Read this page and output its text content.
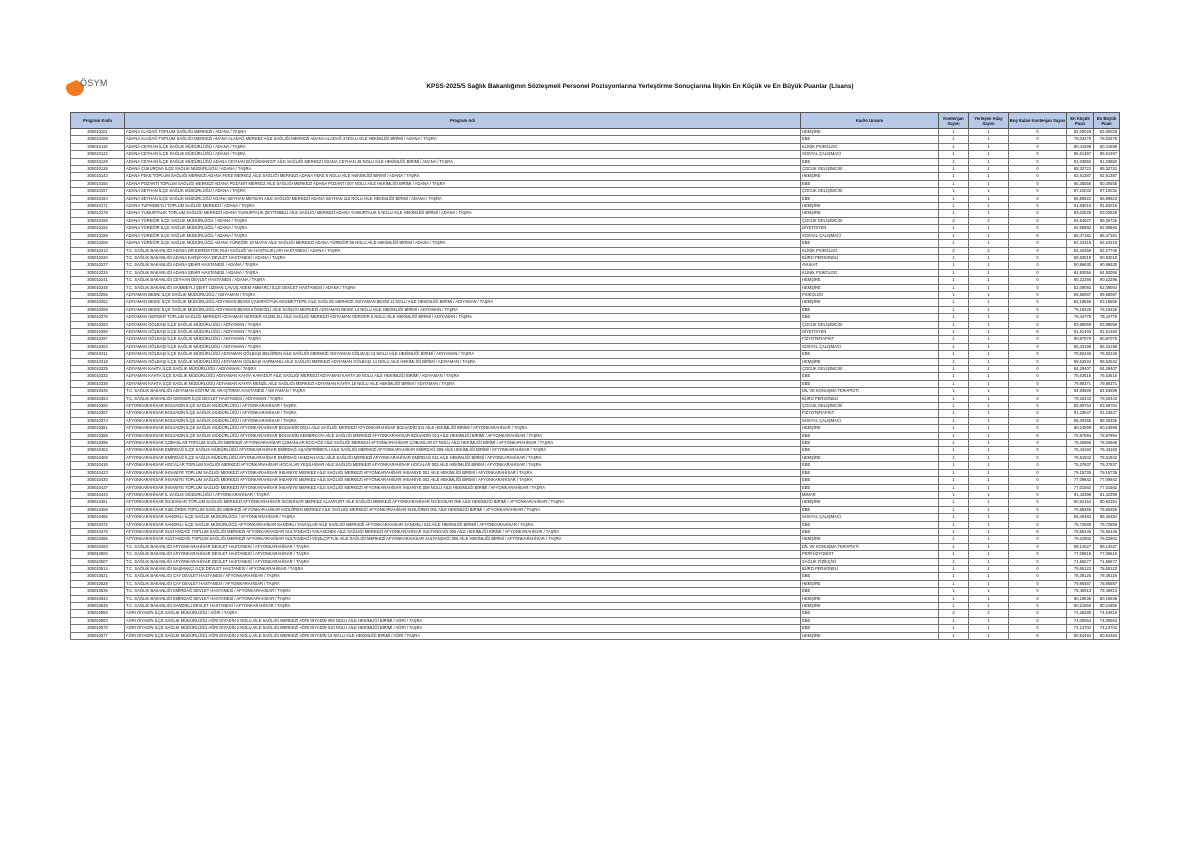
ÖSYM	KPSS-2025/5 Sağlık Bakanlığının Sözleşmeli Personel Pozisyonlarına Yerleştirme Sonuçlarına İlişkin En Küçük ve En Büyük Puanlar (Lisans)
Program Kodu	Program Adı	Kadro Unvanı	Kontenjan Sayısı	Yerleşen Aday Sayısı	Boş Kalan Kontenjan Sayısı	En Küçük Puan	En Büyük Puan
305010101	ADANA ALADAĞ TOPLUM SAĞLIĞI MERKEZİ / ADANA / TAŞRA	HEMŞİRE	1	1	0	82,00028	82,00028
305010108	ADANA ALADAĞ TOPLUM SAĞLIĞI MERKEZİ ADANA ALADAĞ MERKEZ AİLE SAĞLIĞI MERKEZİ ADANA ALADAĞ 3 NOLU AİLE HEKİMLİĞİ BİRİMİ / ADANA / TAŞRA	EBE	1	1	0	78,03278	78,03278
305010115	ADANA CEYHAN İLÇE SAĞLIK MÜDÜRLÜĞÜ / ADANA / TAŞRA	KLİNİK PSİKOLOG	1	1	0	80,41599	80,41599
305010122	ADANA CEYHAN İLÇE SAĞLIK MÜDÜRLÜĞÜ / ADANA / TAŞRA	SOSYAL ÇALIŞMACI	1	1	0	85,61397	85,61397
305010129	ADANA CEYHAN İLÇE SAĞLIK MÜDÜRLÜĞÜ ADANA CEYHAN BÜYÜKMANGIT AİLE SAĞLIĞI MERKEZİ ADANA CEYHAN 46 NOLU AİLE HEKİMLİĞİ BİRİMİ / ADANA / TAŞRA	EBE	1	1	0	81,03850	81,03850
305010136	ADANA ÇUKUROVA İLÇE SAĞLIK MÜDÜRLÜĞÜ / ADANA / TAŞRA	ÇOCUK GELİŞİMCİSİ	1	1	0	88,32722	88,32722
305010143	ADANA FEKE TOPLUM SAĞLIĞI MERKEZİ ADANA FEKE MERKEZ AİLE SAĞLIĞI MERKEZİ ADANA FEKE 6 NOLU AİLE HEKİMLİĞİ BİRİMİ / ADANA / TAŞRA	HEMŞİRE	1	1	0	82,61387	82,61387
305010150	ADANA POZANTI TOPLUM SAĞLIĞI MERKEZİ ADANA POZANTI MERKEZ AİLE SAĞLIĞI MERKEZİ ADANA POZANTI 007 NOLU AİLE HEKİMLİĞİ BİRİMİ / ADANA / TAŞRA	EBE	1	1	0	80,35555	80,35555
305010157	ADANA SEYHAN İLÇE SAĞLIK MÜDÜRLÜĞÜ / ADANA / TAŞRA	ÇOCUK GELİŞİMCİSİ	1	1	0	87,10032	87,10032
305010164	ADANA SEYHAN İLÇE SAĞLIK MÜDÜRLÜĞÜ ADANA SEYHAN MEYDAN AİLE SAĞLIĞI MERKEZİ ADANA SEYHAN 115 NOLU AİLE HEKİMLİĞİ BİRİMİ / ADANA / TAŞRA	EBE	1	1	0	85,89922	85,89922
305010171	ADANA TUFANBEYLİ TOPLUM SAĞLIĞI MERKEZİ / ADANA / TAŞRA	HEMŞİRE	1	1	0	91,83015	91,83015
305010178	ADANA YUMURTALIK TOPLUM SAĞLIĞI MERKEZİ ADANA YUMURTALIK ZEYTİNBELİ AİLE SAĞLIĞI MERKEZİ ADANA YUMURTALIK 5 NOLU AİLE HEKİMLİĞİ BİRİMİ / ADANA / TAŞRA	HEMŞİRE	1	1	0	83,02529	83,02529
305010185	ADANA YÜREĞİR İLÇE SAĞLIK MÜDÜRLÜĞÜ / ADANA / TAŞRA	ÇOCUK GELİŞİMCİSİ	2	2	0	84,54027	85,06726
305010192	ADANA YÜREĞİR İLÇE SAĞLIK MÜDÜRLÜĞÜ / ADANA / TAŞRA	DİYETİSYEN	1	1	0	92,58882	92,58882
305010199	ADANA YÜREĞİR İLÇE SAĞLIK MÜDÜRLÜĞÜ / ADANA / TAŞRA	SOSYAL ÇALIŞMACI	1	1	0	86,47181	86,47181
305010206	ADANA YÜREĞİR İLÇE SAĞLIK MÜDÜRLÜĞÜ ADANA YÜREĞİR 19 MAYIS AİLE SAĞLIĞI MERKEZİ ADANA YÜREĞİR 55 NOLU AİLE HEKİMLİĞİ BİRİMİ / ADANA / TAŞRA	EBE	1	1	0	82,23318	82,23318
305010213	T.C. SAĞLIK BAKANLIĞI ADANA DR.EKREM TOK RUH SAĞLIĞI VE HASTALIKLARI HASTANESİ / ADANA / TAŞRA	KLİNİK PSİKOLOG	2	2	0	82,26459	82,27749
305010220	T.C. SAĞLIK BAKANLIĞI ADANA KARŞIYAKA DEVLET HASTANESİ / ADANA / TAŞRA	BÜRO PERSONELİ	1	1	0	80,83019	80,83019
305010227	T.C. SAĞLIK BAKANLIĞI ADANA ŞEHİR HASTANESİ / ADANA / TAŞRA	AVUKAT	1	1	0	90,96630	90,96630
305010234	T.C. SAĞLIK BAKANLIĞI ADANA ŞEHİR HASTANESİ / ADANA / TAŞRA	KLİNİK PSİKOLOG	1	1	0	84,92056	84,92056
305010241	T.C. SAĞLIK BAKANLIĞI CEYHAN DEVLET HASTANESİ / ADANA / TAŞRA	HEMŞİRE	1	1	0	90,22296	90,22296
305010248	T.C. SAĞLIK BAKANLIĞI SAİMBEYLİ ŞEHİT UZMAN ÇAVUŞ ADEM AMBARCI İLÇE DEVLET HASTANESİ / ADANA / TAŞRA	HEMŞİRE	1	1	0	82,09093	82,09093
305010255	ADIYAMAN BESNİ İLÇE SAĞLIK MÜDÜRLÜĞÜ / ADIYAMAN / TAŞRA	PSİKOLOG	1	1	0	89,58087	89,58087
305010262	ADIYAMAN BESNİ İLÇE SAĞLIK MÜDÜRLÜĞÜ ADIYAMAN BESNİ ÇAKIRHÖYÜK-KESMETTEPE AİLE SAĞLIĞI MERKEZİ ADIYAMAN BESNİ 11 NOLU AİLE HEKİMLİĞİ BİRİMİ / ADIYAMAN / TAŞRA	HEMŞİRE	1	1	0	83,18565	83,18565
305010269	ADIYAMAN BESNİ İLÇE SAĞLIK MÜDÜRLÜĞÜ ADIYAMAN BESNİ KÖSECELİ AİLE SAĞLIĞI MERKEZİ ADIYAMAN BESNİ 14 NOLU AİLE HEKİMLİĞİ BİRİMİ / ADIYAMAN / TAŞRA	EBE	1	1	0	76,19425	76,19425
305010276	ADIYAMAN GERGER TOPLUM SAĞLIĞI MERKEZİ ADIYAMAN GERGER GÜZELSU AİLE SAĞLIĞI MERKEZİ ADIYAMAN GERGER 6 NOLU AİLE HEKİMLİĞİ BİRİMİ / ADIYAMAN / TAŞRA	EBE	1	1	0	78,44779	78,44779
305010283	ADIYAMAN GÖLBAŞI İLÇE SAĞLIK MÜDÜRLÜĞÜ / ADIYAMAN / TAŞRA	ÇOCUK GELİŞİMCİSİ	1	1	0	83,98059	83,98059
305010290	ADIYAMAN GÖLBAŞI İLÇE SAĞLIK MÜDÜRLÜĞÜ / ADIYAMAN / TAŞRA	DİYETİSYEN	1	1	0	91,61460	91,61460
305010297	ADIYAMAN GÖLBAŞI İLÇE SAĞLIK MÜDÜRLÜĞÜ / ADIYAMAN / TAŞRA	FİZYOTERAPİST	1	1	0	90,87079	90,87079
305010304	ADIYAMAN GÖLBAŞI İLÇE SAĞLIK MÜDÜRLÜĞÜ / ADIYAMAN / TAŞRA	SOSYAL ÇALIŞMACI	1	1	0	85,33198	85,33198
305010311	ADIYAMAN GÖLBAŞI İLÇE SAĞLIK MÜDÜRLÜĞÜ ADIYAMAN GÖLBAŞI BELÖREN AİLE SAĞLIĞI MERKEZİ ADIYAMAN GÖLBAŞI 13 NOLU AİLE HEKİMLİĞİ BİRİMİ / ADIYAMAN / TAŞRA	EBE	1	1	0	78,82246	78,82246
305010318	ADIYAMAN GÖLBAŞI İLÇE SAĞLIK MÜDÜRLÜĞÜ ADIYAMAN GÖLBAŞI HARMANLI AİLE SAĞLIĞI MERKEZİ ADIYAMAN GÖLBAŞI 14 NOLU AİLE HEKİMLİĞİ BİRİMİ / ADIYAMAN / TAŞRA	HEMŞİRE	1	1	0	88,62534	88,62534
305010325	ADIYAMAN KAHTA İLÇE SAĞLIK MÜDÜRLÜĞÜ / ADIYAMAN / TAŞRA	ÇOCUK GELİŞİMCİSİ	1	1	0	84,29407	84,29407
305010332	ADIYAMAN KAHTA İLÇE SAĞLIK MÜDÜRLÜĞÜ ADIYAMAN KAHTA KARADUT AİLE SAĞLIĞI MERKEZİ ADIYAMAN KAHTA 29 NOLU AİLE HEKİMLİĞİ BİRİMİ / ADIYAMAN / TAŞRA	EBE	1	1	0	76,53516	76,53516
305010339	ADIYAMAN KAHTA İLÇE SAĞLIK MÜDÜRLÜĞÜ ADIYAMAN KAHTA MENZİL AİLE SAĞLIĞI MERKEZİ ADIYAMAN KAHTA 18 NOLU AİLE HEKİMLİĞİ BİRİMİ / ADIYAMAN / TAŞRA	EBE	1	1	0	79,98371	79,98371
305010346	T.C. SAĞLIK BAKANLIĞI ADIYAMAN EĞİTİM VE ARAŞTIRMA HASTANESİ / ADIYAMAN / TAŞRA	DİL VE KONUŞMA TERAPİSTİ	1	1	0	84,93589	84,93589
305010353	T.C. SAĞLIK BAKANLIĞI GERGER İLÇE DEVLET HASTANESİ / ADIYAMAN / TAŞRA	BÜRO PERSONELİ	1	1	0	79,20443	79,20443
305010360	AFYONKARAHİSAR BOLVADİN İLÇE SAĞLIK MÜDÜRLÜĞÜ / AFYONKARAHİSAR / TAŞRA	ÇOCUK GELİŞİMCİSİ	1	1	0	83,68764	83,68764
305010367	AFYONKARAHİSAR BOLVADİN İLÇE SAĞLIK MÜDÜRLÜĞÜ / AFYONKARAHİSAR / TAŞRA	FİZYOTERAPİST	1	1	0	91,23547	91,23547
305010374	AFYONKARAHİSAR BOLVADİN İLÇE SAĞLIK MÜDÜRLÜĞÜ / AFYONKARAHİSAR / TAŞRA	SOSYAL ÇALIŞMACI	1	1	0	85,30455	85,30455
305010381	AFYONKARAHİSAR BOLVADİN İLÇE SAĞLIK MÜDÜRLÜĞÜ AFYONKARAHİSAR BOLVADİN DİŞLİ AİLE SAĞLIĞI MERKEZİ AFYONKARAHİSAR BOLVADİN 011 AİLE HEKİMLİĞİ BİRİMİ / AFYONKARAHİSAR / TAŞRA	HEMŞİRE	1	1	0	80,24599	80,24599
305010388	AFYONKARAHİSAR BOLVADİN İLÇE SAĞLIK MÜDÜRLÜĞÜ AFYONKARAHİSAR BOLVADİN KEMERKAYA AİLE SAĞLIĞI MERKEZİ AFYONKARAHİSAR BOLVADİN 013 AİLE HEKİMLİĞİ BİRİMİ / AFYONKARAHİSAR / TAŞRA	EBE	1	1	0	75,97994	75,97994
305010395	AFYONKARAHİSAR ÇOBANLAR TOPLUM SAĞLIĞI MERKEZİ AFYONKARAHİSAR ÇOBANLAR KOCAÖZ AİLE SAĞLIĞI MERKEZİ AFYONKARAHİSAR ÇOBANLAR 07 NOLU AİLE HEKİMLİĞİ BİRİMİ / AFYONKARAHİSAR / TAŞRA	EBE	1	1	0	78,26966	78,26966
305010402	AFYONKARAHİSAR EMİRDAĞ İLÇE SAĞLIK MÜDÜRLÜĞÜ AFYONKARAHİSAR EMİRDAĞ AŞAĞIPİRİBEYLİ AİLE SAĞLIĞI MERKEZİ AFYONKARAHİSAR EMİRDAĞ 008 AİLE HEKİMLİĞİ BİRİMİ / AFYONKARAHİSAR / TAŞRA	EBE	1	1	0	75,43160	75,43160
305010409	AFYONKARAHİSAR EMİRDAĞ İLÇE SAĞLIK MÜDÜRLÜĞÜ AFYONKARAHİSAR EMİRDAĞ HAMZAHACILI AİLE SAĞLIĞI MERKEZİ AFYONKARAHİSAR EMİRDAĞ 011 AİLE HEKİMLİĞİ BİRİMİ / AFYONKARAHİSAR / TAŞRA	HEMŞİRE	1	1	0	78,61942	78,61942
305010416	AFYONKARAHİSAR HOCALAR TOPLUM SAĞLIĞI MERKEZİ AFYONKARAHİSAR HOCALAR YEŞİLHİSAR AİLE SAĞLIĞI MERKEZİ AFYONKARAHİSAR HOCALAR 003 AİLE HEKİMLİĞİ BİRİMİ / AFYONKARAHİSAR / TAŞRA	EBE	1	1	0	75,37837	75,37837
305010423	AFYONKARAHİSAR İHSANİYE TOPLUM SAĞLIĞI MERKEZİ AFYONKARAHİSAR İHSANİYE MERKEZ AİLE SAĞLIĞI MERKEZİ AFYONKARAHİSAR İHSANİYE 001 AİLE HEKİMLİĞİ BİRİMİ / AFYONKARAHİSAR / TAŞRA	EBE	1	1	0	79,16735	79,16735
305010430	AFYONKARAHİSAR İHSANİYE TOPLUM SAĞLIĞI MERKEZİ AFYONKARAHİSAR İHSANİYE MERKEZ AİLE SAĞLIĞI MERKEZİ AFYONKARAHİSAR İHSANİYE 002 AİLE HEKİMLİĞİ BİRİMİ / AFYONKARAHİSAR / TAŞRA	EBE	1	1	0	77,09842	77,09842
305010437	AFYONKARAHİSAR İHSANİYE TOPLUM SAĞLIĞI MERKEZİ AFYONKARAHİSAR İHSANİYE MERKEZ AİLE SAĞLIĞI MERKEZİ AFYONKARAHİSAR İHSANİYE 009 NOLU AİLE HEKİMLİĞİ BİRİMİ / AFYONKARAHİSAR / TAŞRA	EBE	1	1	0	77,01582	77,01582
305010444	AFYONKARAHİSAR İL SAĞLIK MÜDÜRLÜĞÜ / AFYONKARAHİSAR / TAŞRA	MİMAR	1	1	0	91,42399	91,42399
305010451	AFYONKARAHİSAR İSCEHİSAR TOPLUM SAĞLIĞI MERKEZİ AFYONKARAHİSAR İSCEHİSAR MERKEZ ALANYURT AİLE SAĞLIĞI MERKEZİ AFYONKARAHİSAR İSCEHİSAR 006 AİLE HEKİMLİĞİ BİRİMİ / AFYONKARAHİSAR / TAŞRA	HEMŞİRE	1	1	0	80,62154	80,62154
305010458	AFYONKARAHİSAR KIZILÖREN TOPLUM SAĞLIĞI MERKEZİ AFYONKARAHİSAR KIZILÖREN MERKEZ AİLE SAĞLIĞI MERKEZİ AFYONKARAHİSAR KIZILÖREN 001 AİLE HEKİMLİĞİ BİRİMİ / AFYONKARAHİSAR / TAŞRA	EBE	1	1	0	75,65355	75,65355
305010465	AFYONKARAHİSAR SANDIKLI İLÇE SAĞLIK MÜDÜRLÜĞÜ / AFYONKARAHİSAR / TAŞRA	SOSYAL ÇALIŞMACI	1	1	0	85,45484	85,45484
305010472	AFYONKARAHİSAR SANDIKLI İLÇE SAĞLIK MÜDÜRLÜĞÜ AFYONKARAHİSAR SANDIKLI YAVAŞLAR AİLE SAĞLIĞI MERKEZİ AFYONKARAHİSAR SANDIKLI 015 AİLE HEKİMLİĞİ BİRİMİ / AFYONKARAHİSAR / TAŞRA	EBE	1	1	0	75,72569	75,72569
305010479	AFYONKARAHİSAR SULTANDAĞI TOPLUM SAĞLIĞI MERKEZİ AFYONKARAHİSAR SULTANDAĞI YAKASENEK AİLE SAĞLIĞI MERKEZİ AFYONKARAHİSAR SULTANDAĞI 005 AİLE HEKİMLİĞİ BİRİMİ / AFYONKARAHİSAR / TAŞRA	EBE	1	1	0	75,55446	75,55446
305010486	AFYONKARAHİSAR SULTANDAĞI TOPLUM SAĞLIĞI MERKEZİ AFYONKARAHİSAR SULTANDAĞI YEŞİLÇİFTLİK AİLE SAĞLIĞI MERKEZİ AFYONKARAHİSAR SULTANDAĞI 006 AİLE HEKİMLİĞİ BİRİMİ / AFYONKARAHİSAR / TAŞRA	HEMŞİRE	1	1	0	79,22902	79,22902
305010493	T.C. SAĞLIK BAKANLIĞI AFYONKARAHİSAR DEVLET HASTANESİ / AFYONKARAHİSAR / TAŞRA	DİL VE KONUŞMA TERAPİSTİ	1	1	0	89,14027	89,14027
305010500	T.C. SAĞLIK BAKANLIĞI AFYONKARAHİSAR DEVLET HASTANESİ / AFYONKARAHİSAR / TAŞRA	PERFÜZYONİST	1	1	0	77,06816	77,06816
305010507	T.C. SAĞLIK BAKANLIĞI AFYONKARAHİSAR DEVLET HASTANESİ / AFYONKARAHİSAR / TAŞRA	SAĞLIK FİZİKÇİSİ	1	1	0	71,56677	71,56677
305010514	T.C. SAĞLIK BAKANLIĞI BAŞMAKÇI İLÇE DEVLET HASTANESİ / AFYONKARAHİSAR / TAŞRA	BÜRO PERSONELİ	1	1	0	78,65123	78,65123
305010521	T.C. SAĞLIK BAKANLIĞI ÇAY DEVLET HASTANESİ / AFYONKARAHİSAR / TAŞRA	EBE	1	1	0	78,38125	78,38125
305010528	T.C. SAĞLIK BAKANLIĞI ÇAY DEVLET HASTANESİ / AFYONKARAHİSAR / TAŞRA	HEMŞİRE	1	1	0	78,95587	78,95587
305010535	T.C. SAĞLIK BAKANLIĞI EMİRDAĞ DEVLET HASTANESİ / AFYONKARAHİSAR / TAŞRA	EBE	1	1	0	78,46913	78,46913
305010542	T.C. SAĞLIK BAKANLIĞI EMİRDAĞ DEVLET HASTANESİ / AFYONKARAHİSAR / TAŞRA	HEMŞİRE	1	1	0	80,18635	80,18635
305010549	T.C. SAĞLIK BAKANLIĞI SANDIKLI DEVLET HASTANESİ / AFYONKARAHİSAR / TAŞRA	HEMŞİRE	1	1	0	80,21856	80,21856
305010556	AĞRI DİYADİN İLÇE SAĞLIK MÜDÜRLÜĞÜ / AĞRI / TAŞRA	EBE	2	2	0	74,28285	74,54919
305010563	AĞRI DİYADİN İLÇE SAĞLIK MÜDÜRLÜĞÜ AĞRI DİYADİN 2 NOLU AİLE SAĞLIĞI MERKEZİ AĞRI DİYADİN 009 NOLU AİLE HEKİMLİĞİ BİRİMİ / AĞRI / TAŞRA	EBE	1	1	0	74,00564	74,00564
305010570	AĞRI DİYADİN İLÇE SAĞLIK MÜDÜRLÜĞÜ AĞRI DİYADİN 2 NOLU AİLE SAĞLIĞI MERKEZİ AĞRI DİYADİN 010 NOLU AİLE HEKİMLİĞİ BİRİMİ / AĞRI / TAŞRA	EBE	1	1	0	74,13702	74,13702
305010577	AĞRI DİYADİN İLÇE SAĞLIK MÜDÜRLÜĞÜ AĞRI DİYADİN 2 NOLU AİLE SAĞLIĞI MERKEZİ AĞRI DİYADİN 13 NOLU AİLE HEKİMLİĞİ BİRİMİ / AĞRI / TAŞRA	HEMŞİRE	1	1	0	80,54484	80,54484
